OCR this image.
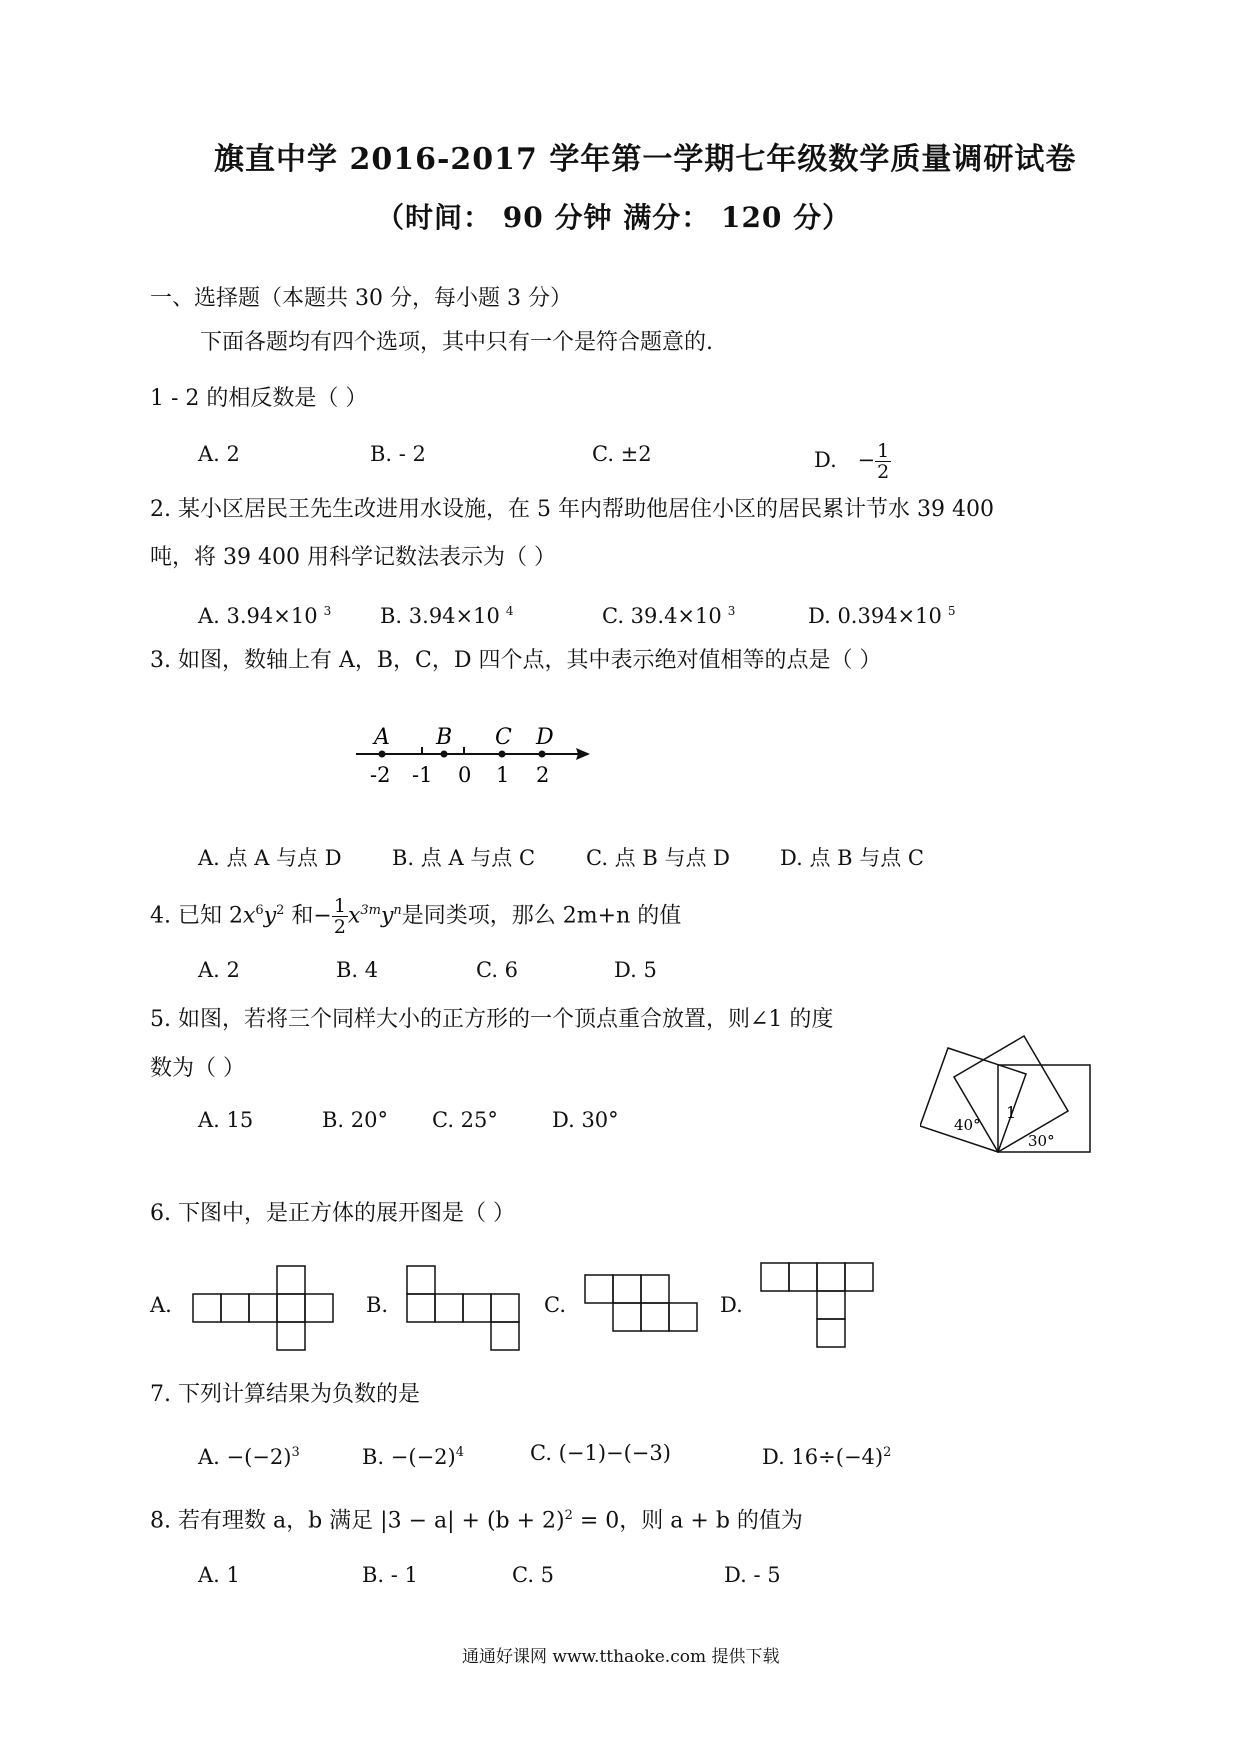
旗直中学 2016-2017 学年第一学期七年级数学质量调研试卷
（时间： 90 分钟 满分： 120 分）
一、选择题（本题共 30 分，每小题 3 分）
下面各题均有四个选项，其中只有一个是符合题意的.
1 - 2 的相反数是（ ）
A. 2	B. - 2	C. ±2	D. − $\frac{1}{2}$
2. 某小区居民王先生改进用水设施，在 5 年内帮助他居住小区的居民累计节水 39 400
吨，将 39 400 用科学记数法表示为（ ）
A. 3.94×10 $^3$ B. 3.94×10 $^4$	C. 39.4×10 $^3$	D. 0.394×10 $^5$
3. 如图，数轴上有 A，B，C，D 四个点，其中表示绝对值相等的点是（ ）
A B C D
-2 -1 0 1 2
A. 点 A 与点 D B. 点 A 与点 C C. 点 B 与点 D D. 点 B 与点 C
4. 已知 $2x^6y^2$ 和− $\frac{1}{2} x^{3m}y^n$是同类项，那么 2m+n 的值
A. 2	B. 4	C. 6	D. 5
5. 如图，若将三个同样大小的正方形的一个顶点重合放置，则∠1 的度
数为（ ）
A. 15	B. 20° C. 25°	D. 30°	40°
1
30°
6. 下图中，是正方体的展开图是（ ）
A.	B.	C.	D.
7. 下列计算结果为负数的是
A. $-(-2)^3$	B. $-(-2)^4$	C. (−1)−(−3)	D. $16\div(-4)^2$
8. 若有理数 a，b 满足 $|3 - a| + (b + 2)^2 = 0$，则 a + b 的值为
A. 1	B. - 1	C. 5	D. - 5
通通好课网 www.tthaoke.com 提供下载
